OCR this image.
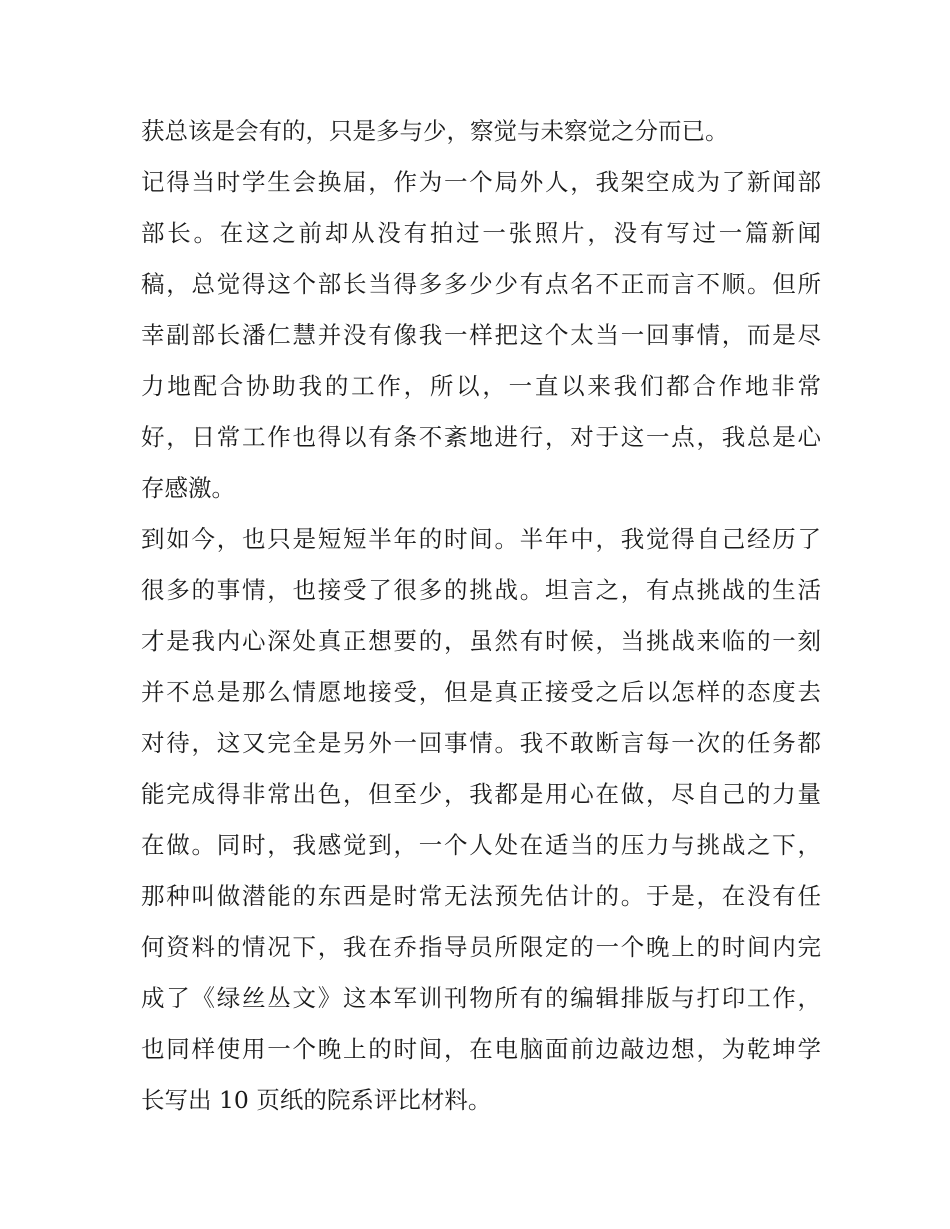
获总该是会有的，只是多与少，察觉与未察觉之分而已。
记得当时学生会换届，作为一个局外人，我架空成为了新闻部
部长。在这之前却从没有拍过一张照片，没有写过一篇新闻
稿，总觉得这个部长当得多多少少有点名不正而言不顺。但所
幸副部长潘仁慧并没有像我一样把这个太当一回事情，而是尽
力地配合协助我的工作，所以，一直以来我们都合作地非常
好，日常工作也得以有条不紊地进行，对于这一点，我总是心
存感激。
到如今，也只是短短半年的时间。半年中，我觉得自己经历了
很多的事情，也接受了很多的挑战。坦言之，有点挑战的生活
才是我内心深处真正想要的，虽然有时候，当挑战来临的一刻
并不总是那么情愿地接受，但是真正接受之后以怎样的态度去
对待，这又完全是另外一回事情。我不敢断言每一次的任务都
能完成得非常出色，但至少，我都是用心在做，尽自己的力量
在做。同时，我感觉到，一个人处在适当的压力与挑战之下，
那种叫做潜能的东西是时常无法预先估计的。于是，在没有任
何资料的情况下，我在乔指导员所限定的一个晚上的时间内完
成了《绿丝丛文》这本军训刊物所有的编辑排版与打印工作，
也同样使用一个晚上的时间，在电脑面前边敲边想，为乾坤学
长写出 10 页纸的院系评比材料。
